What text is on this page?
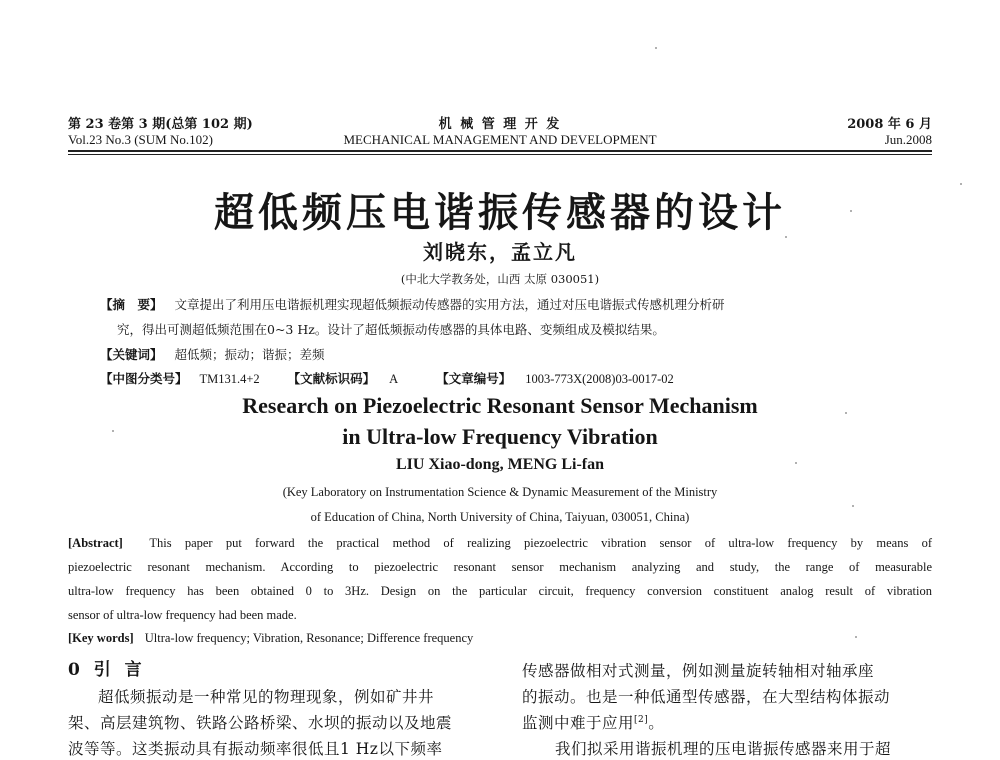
第 23 卷第 3 期(总第 102 期)
Vol.23 No.3 (SUM No.102)
机 械 管 理 开 发
MECHANICAL MANAGEMENT AND DEVELOPMENT
2008 年 6 月
Jun.2008
超低频压电谐振传感器的设计
刘晓东，孟立凡
(中北大学教务处，山西 太原 030051)
【摘　要】 文章提出了利用压电谐振机理实现超低频振动传感器的实用方法，通过对压电谐振式传感机理分析研
究，得出可测超低频范围在0~3 Hz。设计了超低频振动传感器的具体电路、变频组成及模拟结果。
【关键词】 超低频；振动；谐振；差频
【中图分类号】 TM131.4+2 【文献标识码】 A	【文章编号】 1003-773X(2008)03-0017-02
Research on Piezoelectric Resonant Sensor Mechanism
in Ultra-low Frequency Vibration
LIU Xiao-dong, MENG Li-fan
(Key Laboratory on Instrumentation Science & Dynamic Measurement of the Ministry
of Education of China, North University of China, Taiyuan, 030051, China)
[Abstract] This paper put forward the practical method of realizing piezoelectric vibration sensor of ultra-low frequency by means of
piezoelectric resonant mechanism. According to piezoelectric resonant sensor mechanism analyzing and study, the range of measurable
ultra-low frequency has been obtained 0 to 3Hz. Design on the particular circuit, frequency conversion constituent analog result of vibration
sensor of ultra-low frequency had been made.
[Key words] Ultra-low frequency; Vibration, Resonance; Difference frequency
0 引 言
超低频振动是一种常见的物理现象，例如矿井井
架、高层建筑物、铁路公路桥梁、水坝的振动以及地震
波等等。这类振动具有振动频率很低且1 Hz以下频率
传感器做相对式测量，例如测量旋转轴相对轴承座
的振动。也是一种低通型传感器，在大型结构体振动
监测中难于应用[2]。
我们拟采用谐振机理的压电谐振传感器来用于超
